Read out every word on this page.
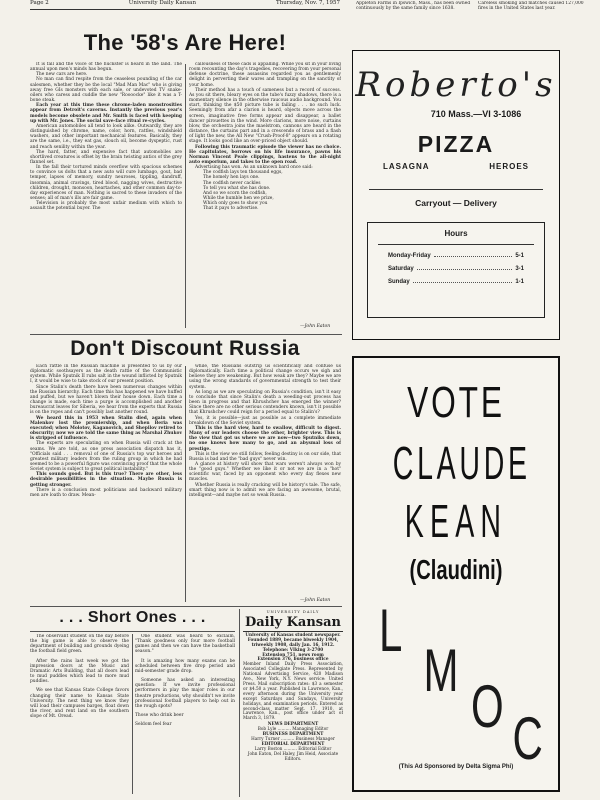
Page 2	University Daily Kansan	Thursday, Nov. 7, 1957	Appleton Farms in Ipswich, Mass., has been owned continuously by the same family since 1638.
Careless smoking and matches caused 127,000 fires in the United States last year.
The '58's Are Here!

It is fall and the voice of the huckster is heard in the land. The annual upon men's minds has begun.

The new cars are here.

No man can find respite from the ceaseless pounding of the car salesmen, whether they be the local "Mad Man Mac" who is giving away free GIs monsters with each sale, or undevoted TV snake-oilers who caress and cuddle the new "Roooocke" like it was a T-bone steak.

Each year at this time these chrome-laden monstrosities appear from Detroit's caverns. Instantly the previous year's models become obsolete and Mr. Smith is faced with keeping up with Mr. Jones. The social save-face ritual re-cycles.

American automobiles all tend to look alike. Outwardly, they are distinguished by chrome, name, color, horn, rattles, windshield washers, and other important mechanical features. Basically, they are the same, i.e., they eat gas, slouch oil, become dyspeptic, rust and reach senility within the year.

The hard, fatter, and expensive fact that automobiles are shortlived creatures is offset by the brain twisting antics of the grey flannel set.

In the fall their tortured minds overflow with spacious schemes to convince us dolts that a new auto will cure lumbago, gout, bad temper, lapses of memory, sundry neuroses, tippling, dandruff, insomnia, animal cravings, tired blood, nagging wives, destructive children, drought, monsoon, heartaches, and other common day-to-day experiences of man. Nothing is sacred to these invaders of the senses; all of man's ills are fair game.

Television is probably the most unfair medium with which to assault the potential buyer. The

callousness of these cads is appalling. While you sit in your living room recounting the day's tragedies, recovering from your personal defense doctrine, these assassins regarded you as gentlemenly delight in perverting their wares and trampling on the sanctity of your home.

Their method has a touch of sameness but a record of success. As you sit there, bleary eyes on the tube's fuzzy shadows, there is a momentary silence in the otherwise raucous audio background. You start, thinking the $50 picture tube is failing . . . no such luck. Seemingly from afar a clarion is heard, objects move across the screen, imaginative free forms appear and disappear, a ballet dancer pirouettes in the wind. More clarions, more noise, curtains blow, the orchestra joins the maelstrom, cannons are heard in the distance, the curtains part and in a crescendo of brass and a flash of light the new, the All New "Crush-Proof-8" appears on a rotating stage. It looks good like an over-priced object should.

Following this traumatic episode the viewer has no choice. He capitulates, borrows on his life insurance, pawns his Norman Vincent Peale clippings, hastens to the all-night auto emporium, and takes to the open road.

Advertising has won. As an unknown bard once said:

The codfish lays ten thousand eggs,

The homely hen lays one.

The codfish never cackles

To tell you what she has done.

And so we scorn the codfish,

While the humble hen we prize,

Which only goes to show you

That it pays to advertise.

—John Eaton
Don't Discount Russia

Each rattle in the Russian machine is presented to us by our diplomatic soothsayers as the death rattle of the Communistic system. While Sputnik II rubs salt in the wound inflicted by Sputnik I, it would be wise to take stock of our present position.

Since Stalin's death there have been numerous changes within the Russian hierarchy. Each time this has happened we have huffed and puffed, but we haven't blown their house down. Each time a change is made, each time a purge is accomplished and another bureaucrat leaves for Siberia, we hear from the experts that Russia is on the ropes and can't possibly last another round.

We heard this in 1953 when Stalin died, again when Malenkov lost the premiership, and when Beria was executed; when Molotov, Kaganovich, and Shepilov retired to obscurity; now we are told the same thing as Marshal Zhukov is stripped of influence.

The experts are speculating on when Russia will crack at the seams. We are told, as one press association dispatch has it, "Officials said . . . removal of one of Russia's top war heroes and greatest military leaders from the ruling group in which he had seemed to be a powerful figure was convincing proof that the whole Soviet system is subject to great political instability."

This sounds good. But is this true? There are other, less desirable possibilities in the situation. Maybe Russia is getting stronger.

There is a conclusion most politicians and backward military men are loath to draw. Mean-

while, the Russians outstrip us scientifically and confuse us diplomatically. Each time a political change occurs we sigh and believe they are weakening. But how weak are they? Maybe we are using the wrong standards of governmental strength to test their system.

As long as we are speculating on Russia's condition, isn't it easy to conclude that since Stalin's death a weeding-out process has been in progress and that Khrushchev has emerged the winner? Since there are no other serious contenders known, isn't it possible that Khrushchev could reign for a period equal to Stalin's?

Yes, it is possible—just as possible as a complete immediate breakdown of the Soviet system.

This is the hard view, hard to swallow, difficult to digest. Many of our leaders choose the other, brighter view. This is the view that got us where we are now—two Sputniks down, no one knows how many to go, and an abysmal loss of prestige.

This is the view we still follow, feeling destiny is on our side, that Russia is bad and the "bad guys" never win.

A glance at history will show that wars weren't always won by the "good guys." Whether we like it or not we are in a "hot" scientific war, faced by an opponent who every day flexes new muscles.

Whether Russia is really cracking will be history's tale. The safe, smart thing now is to admit we are facing an awesome, brutal, intelligent—and maybe not so weak Russia.

—John Eaton
. . . Short Ones . . .

The observant student on the day before the big game is able to observe the department of building and grounds dyeing the football field green.

After the rains last week we got the impression doors at the Music and Dramatic Arts Building, that all doors lead to mud puddles which lead to more mud puddles.

We see that Kansas State College favors changing their name to Kansas State University. The next thing we know they will load their campuses barges, float down the river, and rent land on the southern slope of Mt. Oread.

One student was heard to exclaim, "Thank goodness only four more football games and then we can have the basketball season."

It is amazing how many exams can be scheduled between five drop period and mid-semester grade drop.

Someone has asked an interesting question: If we invite professional performers in play the major roles in our theatre productions, why shouldn't we invite professional football players to help out in the rough spots?

Those who drink beer

Seldom feel fear

UNIVERSITY DAILY
Daily Kansan
University of Kansas student newspaper. Founded 1889, became biweekly 1904, triweekly 1908, daily Jan. 16, 1912.
Telephone: VIking 3-2700
Extension 751, news room
Extension 376, business office
Member Inland Daily Press Association, Associated Collegiate Press. Represented by National Advertising Service, 420 Madison Ave., New York, N.Y. News service: United Press. Mail subscription rates: $3 a semester or $4.50 a year. Published in Lawrence, Kan., every afternoon during the University year except Saturdays and Sundays, University holidays, and examination periods. Entered as second-class matter Sept. 17, 1910, at Lawrence, Kan., post office under act of March 3, 1879.
NEWS DEPARTMENT
Bob Lyle .......... Managing Editor
BUSINESS DEPARTMENT
Harry Turner .......... Business Manager
EDITORIAL DEPARTMENT
Larry Boston .......... Editorial Editor
John Eaton, Del Haley, Jim Heid, Associate Editors.
Roberto's
710 Mass.—VI 3-1086
PIZZA
LASAGNA	HEROES
Carryout — Delivery
Hours
Monday-Friday	5-1
Saturday	3-1
Sunday	1-1
VOTE
CLAUDE
KEAN
(Claudini)
L
M
O C
(This Ad Sponsored by Delta Sigma Phi)
